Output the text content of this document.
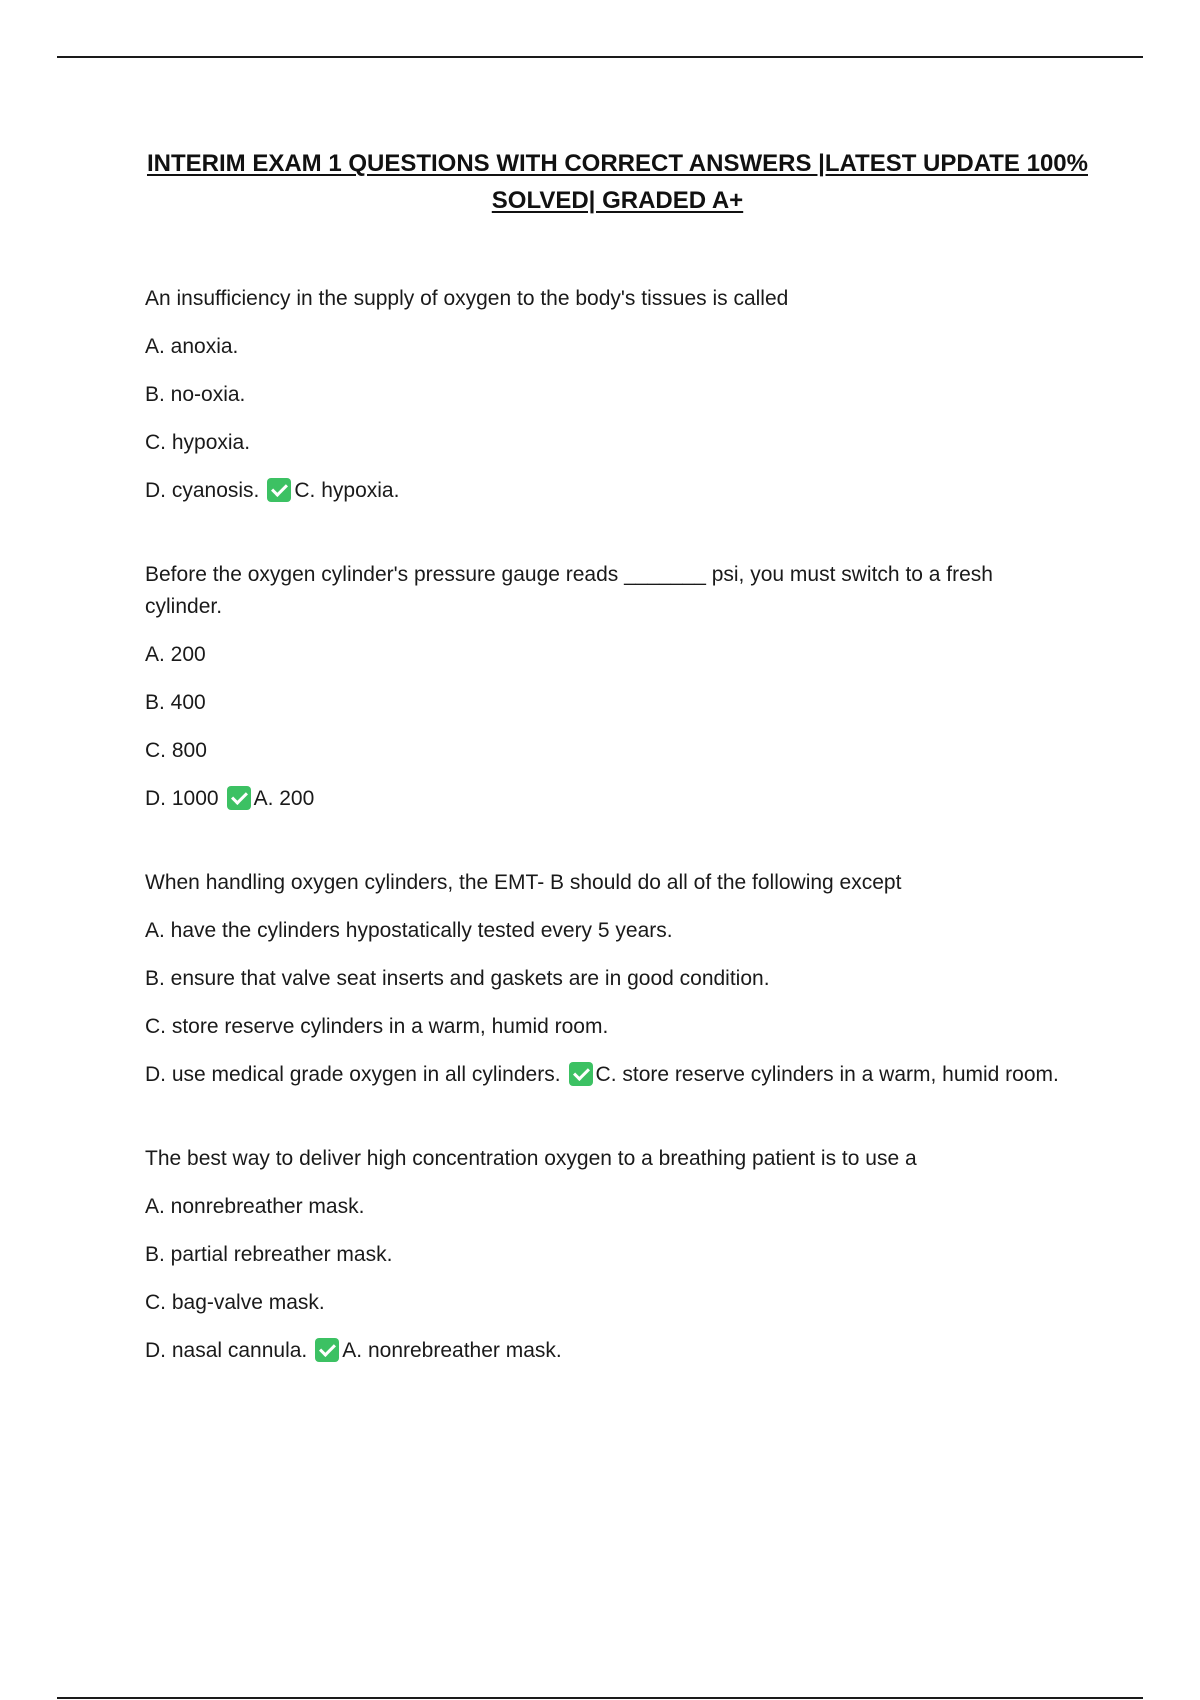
INTERIM EXAM 1 QUESTIONS WITH CORRECT ANSWERS |LATEST UPDATE 100% SOLVED| GRADED A+
An insufficiency in the supply of oxygen to the body's tissues is called
A. anoxia.
B. no-oxia.
C. hypoxia.
D. cyanosis. C. hypoxia.
Before the oxygen cylinder's pressure gauge reads _______ psi, you must switch to a fresh cylinder.
A. 200
B. 400
C. 800
D. 1000 A. 200
When handling oxygen cylinders, the EMT- B should do all of the following except
A. have the cylinders hypostatically tested every 5 years.
B. ensure that valve seat inserts and gaskets are in good condition.
C. store reserve cylinders in a warm, humid room.
D. use medical grade oxygen in all cylinders. C. store reserve cylinders in a warm, humid room.
The best way to deliver high concentration oxygen to a breathing patient is to use a
A. nonrebreather mask.
B. partial rebreather mask.
C. bag-valve mask.
D. nasal cannula. A. nonrebreather mask.
